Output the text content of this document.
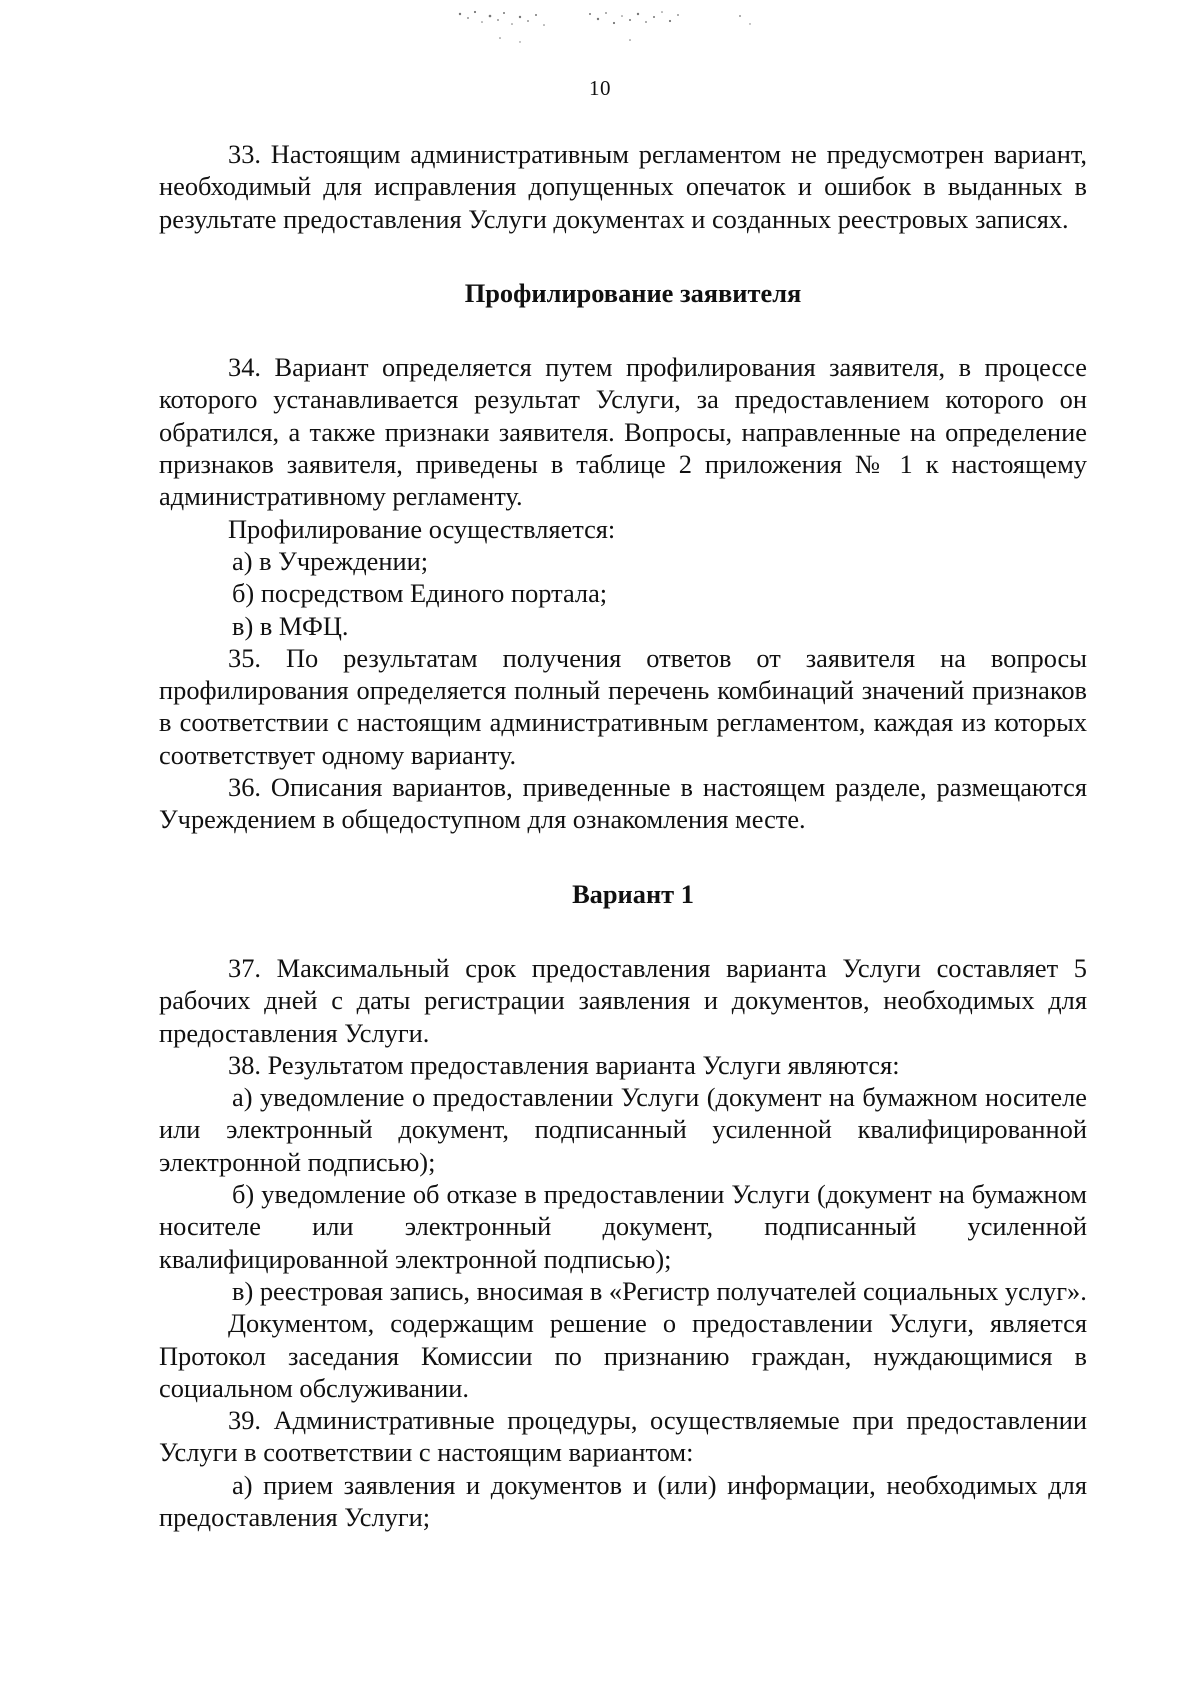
10

33. Настоящим административным регламентом не предусмотрен вариант, необходимый для исправления допущенных опечаток и ошибок в выданных в результате предоставления Услуги документах и созданных реестровых записях.

Профилирование заявителя

34. Вариант определяется путем профилирования заявителя, в процессе которого устанавливается результат Услуги, за предоставлением которого он обратился, а также признаки заявителя. Вопросы, направленные на определение признаков заявителя, приведены в таблице 2 приложения № 1 к настоящему административному регламенту.

Профилирование осуществляется:

а) в Учреждении;

б) посредством Единого портала;

в) в МФЦ.

35. По результатам получения ответов от заявителя на вопросы профилирования определяется полный перечень комбинаций значений признаков в соответствии с настоящим административным регламентом, каждая из которых соответствует одному варианту.

36. Описания вариантов, приведенные в настоящем разделе, размещаются Учреждением в общедоступном для ознакомления месте.

Вариант 1

37. Максимальный срок предоставления варианта Услуги составляет 5 рабочих дней с даты регистрации заявления и документов, необходимых для предоставления Услуги.

38. Результатом предоставления варианта Услуги являются:

а) уведомление о предоставлении Услуги (документ на бумажном носителе или электронный документ, подписанный усиленной квалифицированной электронной подписью);

б) уведомление об отказе в предоставлении Услуги (документ на бумажном носителе или электронный документ, подписанный усиленной квалифицированной электронной подписью);

в) реестровая запись, вносимая в «Регистр получателей социальных услуг».

Документом, содержащим решение о предоставлении Услуги, является Протокол заседания Комиссии по признанию граждан, нуждающимися в социальном обслуживании.

39. Административные процедуры, осуществляемые при предоставлении Услуги в соответствии с настоящим вариантом:

а) прием заявления и документов и (или) информации, необходимых для предоставления Услуги;
